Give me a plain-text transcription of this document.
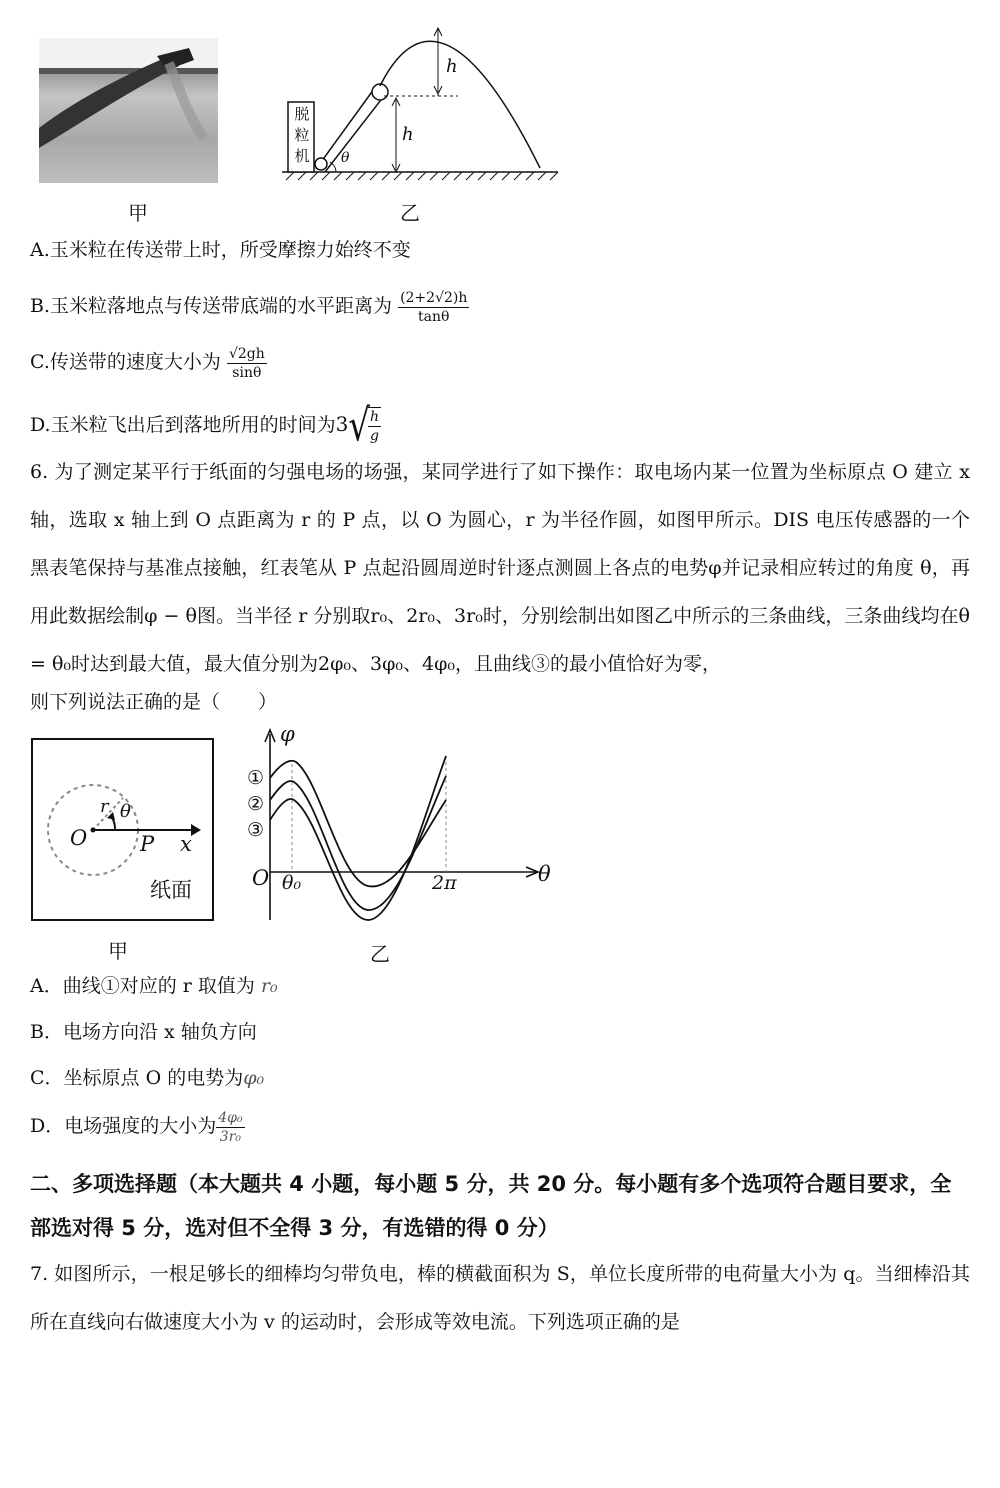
甲
脱
粒
机
h
h
θ
乙
A.玉米粒在传送带上时，所受摩擦力始终不变
B.玉米粒落地点与传送带底端的水平距离为 $\frac{(2+2√2)h}{\tan\theta}$
C.传送带的速度大小为 $\frac{√2gh}{\sin\theta}$
D.玉米粒飞出后到落地所用的时间为3√
$\frac{h}{g}$
6. 为了测定某平行于纸面的匀强电场的场强，某同学进行了如下操作：取电场内某一位置为坐标原点 O 建立 x 轴，选取 x 轴上到 O 点距离为 r 的 P 点，以 O 为圆心，r 为半径作圆，如图甲所示。DIS 电压传感器的一个黑表笔保持与基准点接触，红表笔从 P 点起沿圆周逆时针逐点测圆上各点的电势φ并记录相应转过的角度 θ，再用此数据绘制φ − θ图。当半径 r 分别取r₀、2r₀、3r₀时，分别绘制出如图乙中所示的三条曲线，三条曲线均在θ = θ₀时达到最大值，最大值分别为2φ₀、3φ₀、4φ₀，且曲线③的最小值恰好为零，
则下列说法正确的是（　　）
O
r θ
P x
纸面
甲
φ
①
②
③
O θ₀	2π	θ
乙
A．曲线①对应的 r 取值为 r₀
B．电场方向沿 x 轴负方向
C．坐标原点 O 的电势为φ₀
D．电场强度的大小为 $\frac{\text{4φ₀}}{\text{3r₀}}$
二、多项选择题（本大题共 4 小题，每小题 5 分，共 20 分。每小题有多个选项符合题目要求，全部选对得 5 分，选对但不全得 3 分，有选错的得 0 分）
7. 如图所示，一根足够长的细棒均匀带负电，棒的横截面积为 S，单位长度所带的电荷量大小为 q。当细棒沿其所在直线向右做速度大小为 v 的运动时，会形成等效电流。下列选项正确的是
